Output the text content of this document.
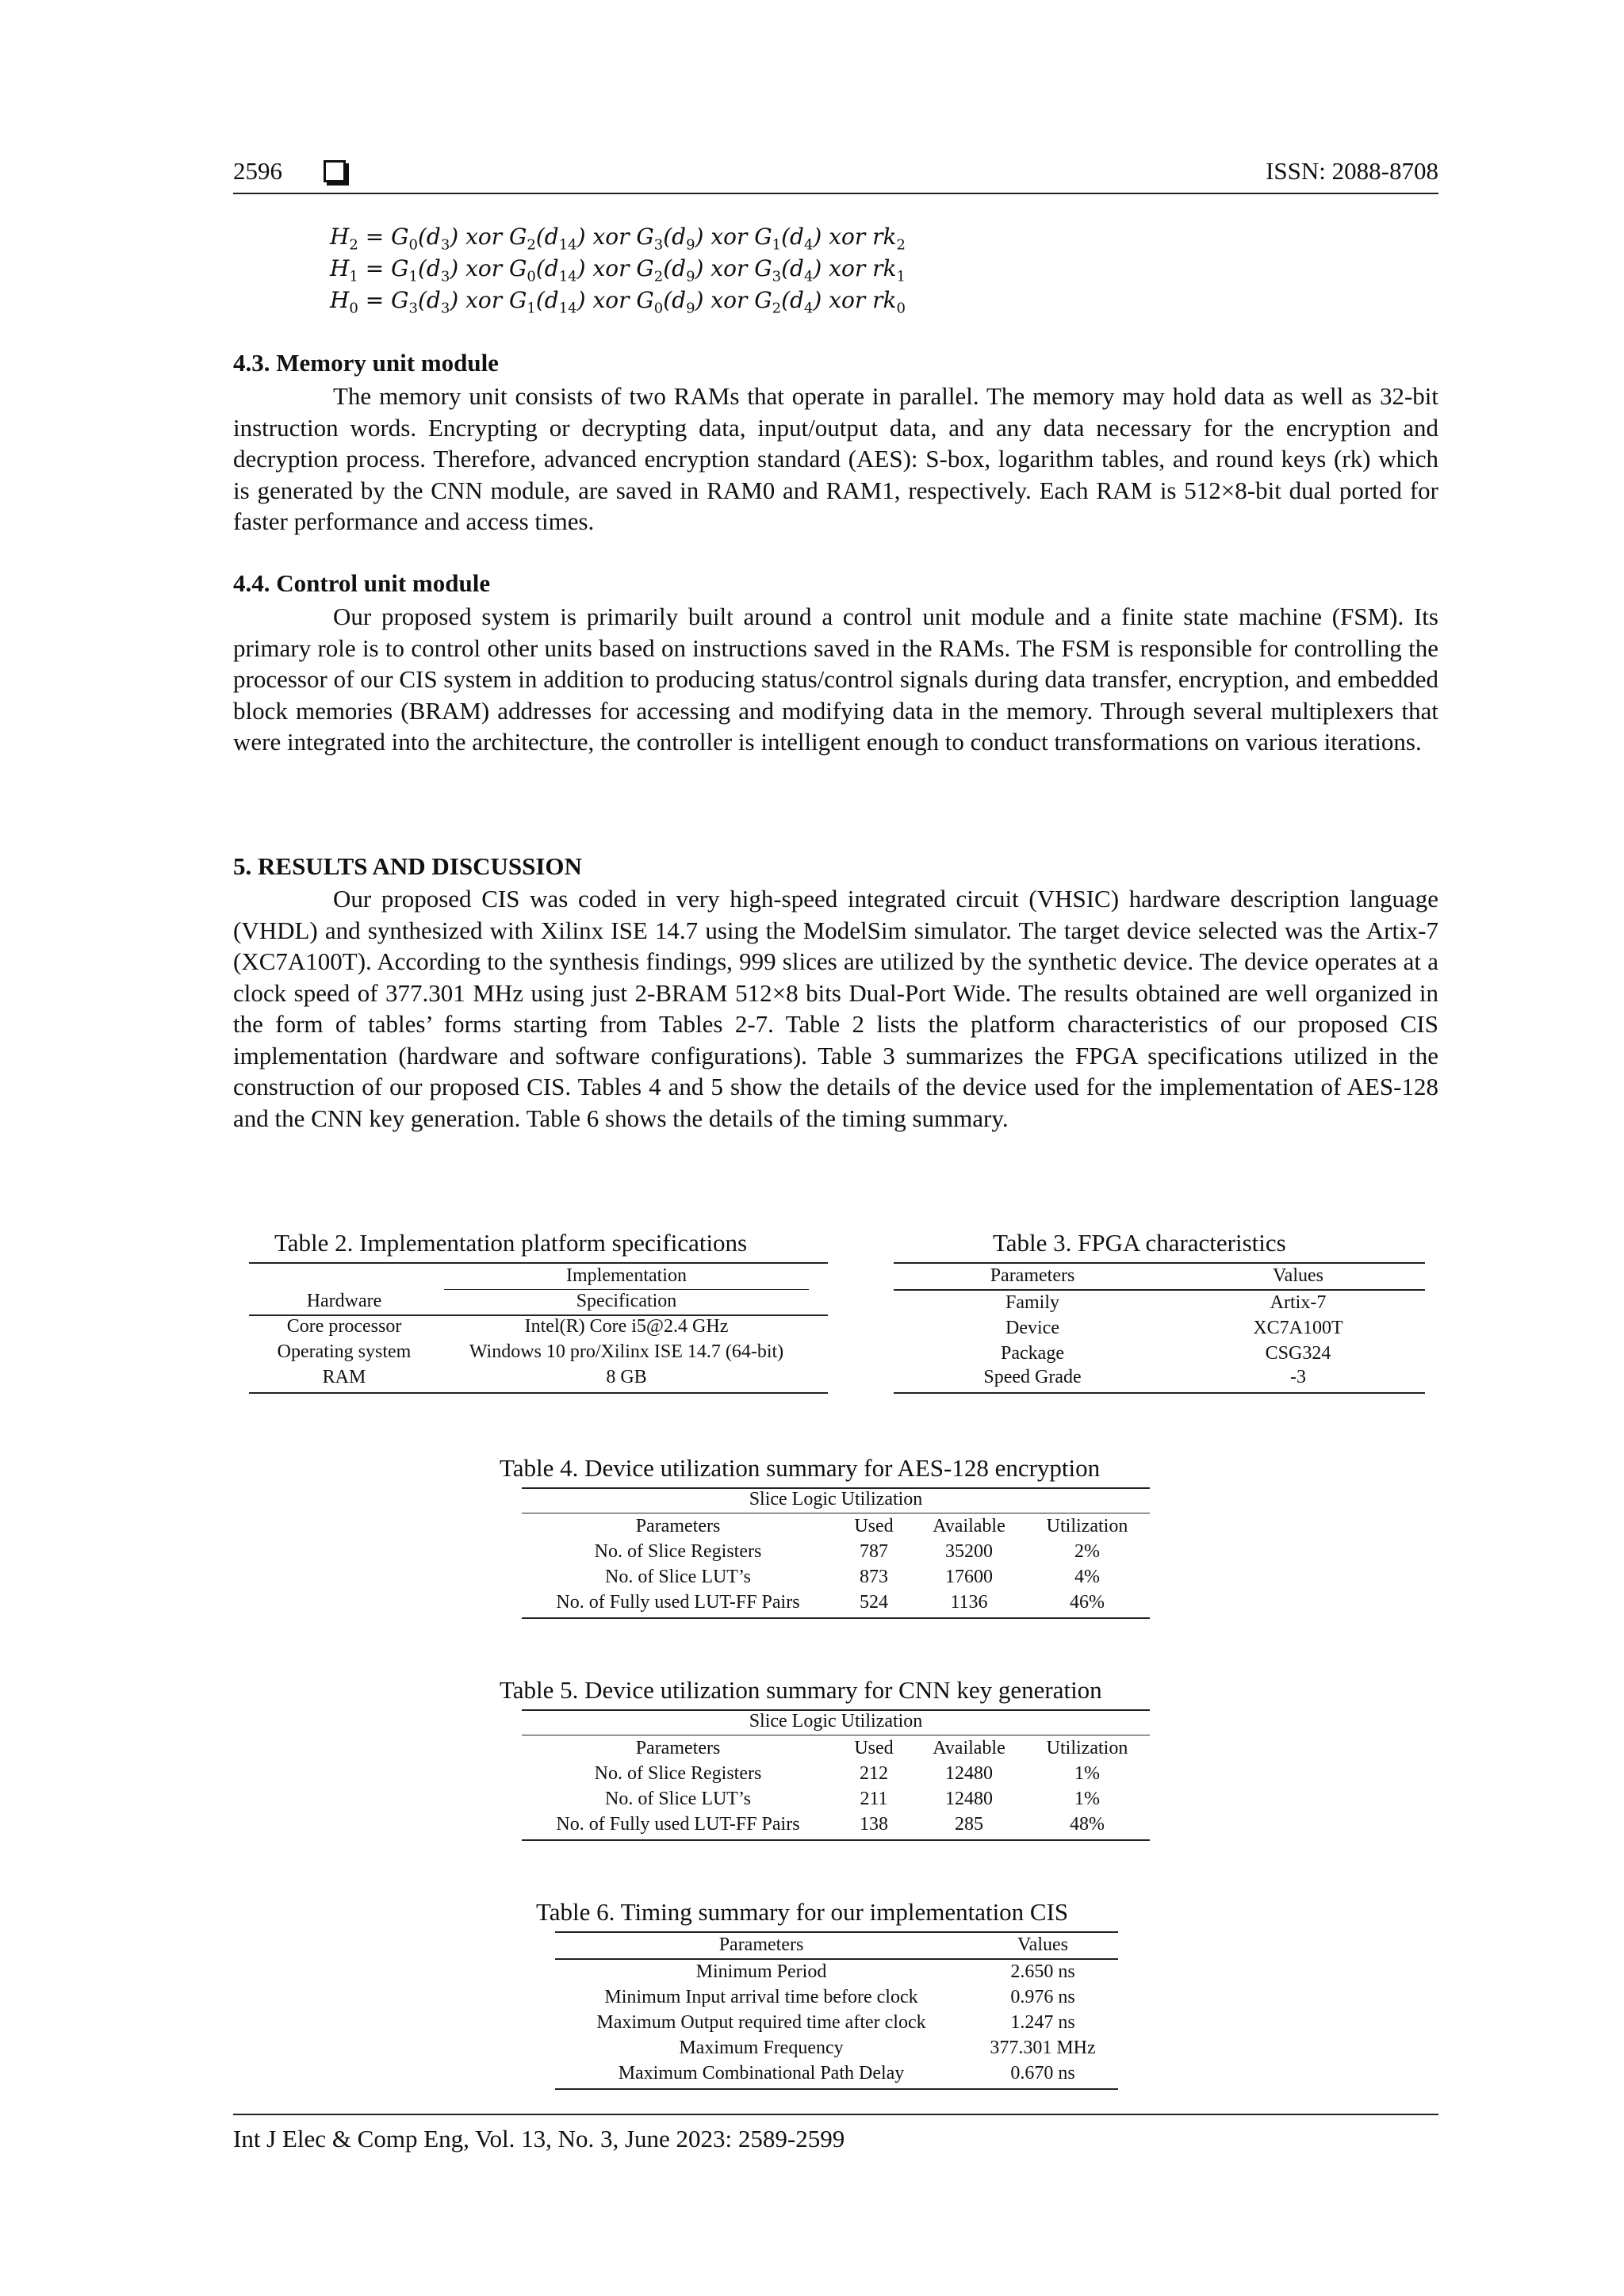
2596	ISSN: 2088-8708
$H_2 = G_0(d_3)$ xor $G_2(d_{14})$ xor $G_3(d_9)$ xor $G_1(d_4)$ xor $rk_2$
$H_1 = G_1(d_3)$ xor $G_0(d_{14})$ xor $G_2(d_9)$ xor $G_3(d_4)$ xor $rk_1$
$H_0 = G_3(d_3)$ xor $G_1(d_{14})$ xor $G_0(d_9)$ xor $G_2(d_4)$ xor $rk_0$
4.3. Memory unit module

The memory unit consists of two RAMs that operate in parallel. The memory may hold data as well as 32-bit instruction words. Encrypting or decrypting data, input/output data, and any data necessary for the encryption and decryption process. Therefore, advanced encryption standard (AES): S-box, logarithm tables, and round keys (rk) which is generated by the CNN module, are saved in RAM0 and RAM1, respectively. Each RAM is 512×8-bit dual ported for faster performance and access times.

4.4. Control unit module

Our proposed system is primarily built around a control unit module and a finite state machine (FSM). Its primary role is to control other units based on instructions saved in the RAMs. The FSM is responsible for controlling the processor of our CIS system in addition to producing status/control signals during data transfer, encryption, and embedded block memories (BRAM) addresses for accessing and modifying data in the memory. Through several multiplexers that were integrated into the architecture, the controller is intelligent enough to conduct transformations on various iterations.

5. RESULTS AND DISCUSSION

Our proposed CIS was coded in very high-speed integrated circuit (VHSIC) hardware description language (VHDL) and synthesized with Xilinx ISE 14.7 using the ModelSim simulator. The target device selected was the Artix-7 (XC7A100T). According to the synthesis findings, 999 slices are utilized by the synthetic device. The device operates at a clock speed of 377.301 MHz using just 2-BRAM 512×8 bits Dual-Port Wide. The results obtained are well organized in the form of tables’ forms starting from Tables 2-7. Table 2 lists the platform characteristics of our proposed CIS implementation (hardware and software configurations). Table 3 summarizes the FPGA specifications utilized in the construction of our proposed CIS. Tables 4 and 5 show the details of the device used for the implementation of AES-128 and the CNN key generation. Table 6 shows the details of the timing summary.

Table 2. Implementation platform specifications
Implementation
Hardware	Specification
Core processor	Intel(R) Core i5@2.4 GHz
Operating system	Windows 10 pro/Xilinx ISE 14.7 (64-bit)
RAM	8 GB
Table 3. FPGA characteristics
Parameters	Values
Family	Artix-7
Device	XC7A100T
Package	CSG324
Speed Grade	-3
Table 4. Device utilization summary for AES-128 encryption
Slice Logic Utilization
Parameters	Used	Available	Utilization
No. of Slice Registers	787	35200	2%
No. of Slice LUT’s	873	17600	4%
No. of Fully used LUT-FF Pairs	524	1136	46%
Table 5. Device utilization summary for CNN key generation
Slice Logic Utilization
Parameters	Used	Available	Utilization
No. of Slice Registers	212	12480	1%
No. of Slice LUT’s	211	12480	1%
No. of Fully used LUT-FF Pairs	138	285	48%
Table 6. Timing summary for our implementation CIS
Parameters	Values
Minimum Period	2.650 ns
Minimum Input arrival time before clock	0.976 ns
Maximum Output required time after clock	1.247 ns
Maximum Frequency	377.301 MHz
Maximum Combinational Path Delay	0.670 ns
Int J Elec & Comp Eng, Vol. 13, No. 3, June 2023: 2589-2599
